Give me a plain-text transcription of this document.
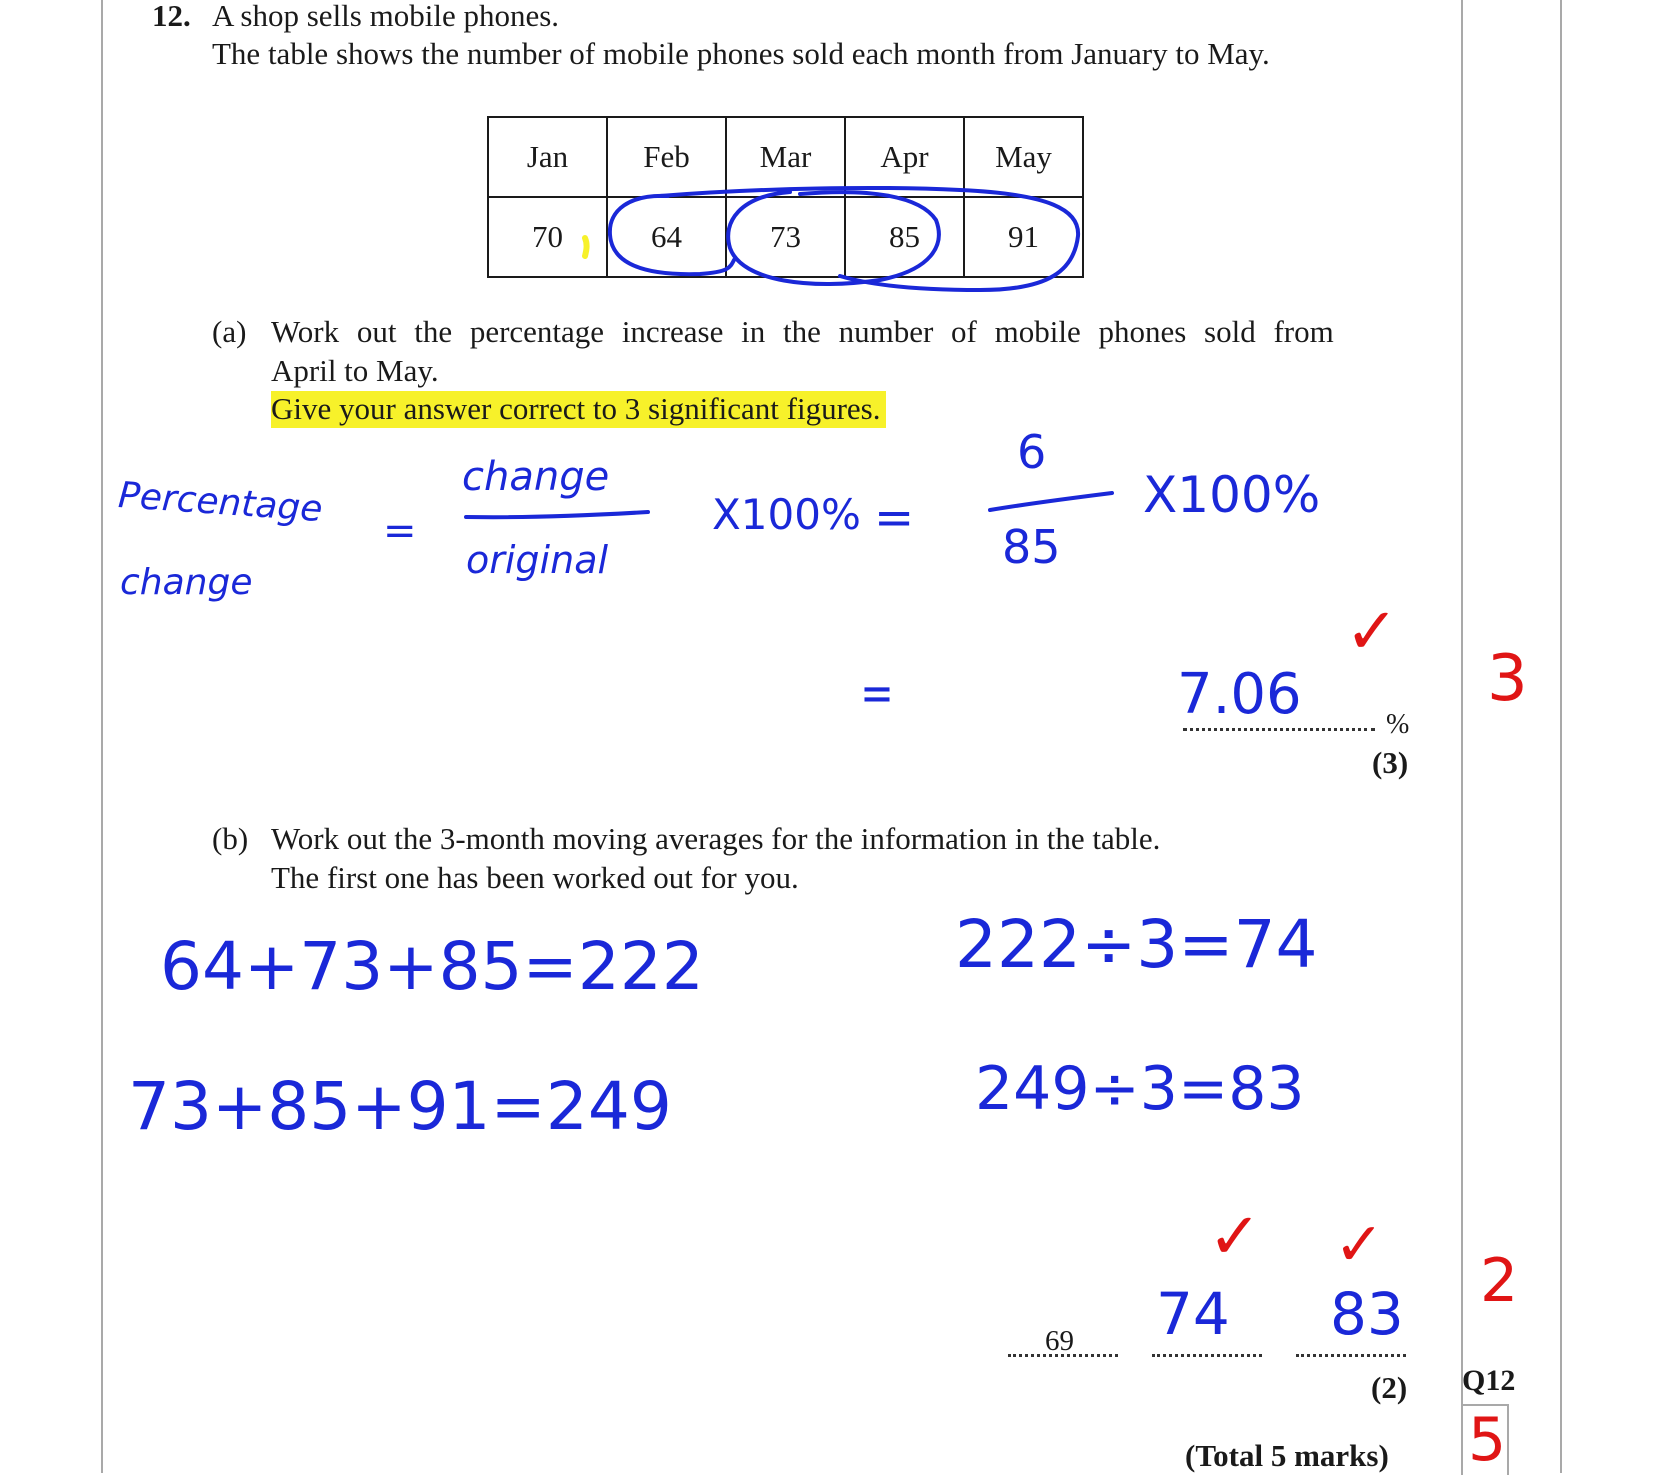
12. A shop sells mobile phones.
The table shows the number of mobile phones sold each month from January to May.
Jan	Feb	Mar	Apr	May
70	64	73	85	91
(a) Work out the percentage increase in the number of mobile phones sold from
April to May.
Give your answer correct to 3 significant figures.
%
(3)
(b) Work out the 3-month moving averages for the information in the table.
The first one has been worked out for you.
69
(2) Q12
(Total 5 marks)
Percentage
change
=
change
original
X100% =
6
85
X100%
=	7.06
64+73+85=222	222÷3=74
73+85+91=249	249÷3=83
74 83
✓
3
✓ ✓
2
5
